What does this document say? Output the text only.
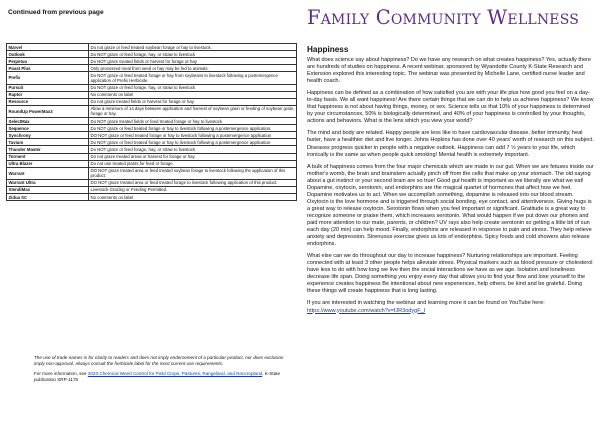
Continued from previous page
Marvel	Do not graze or feed treated soybean forage or hay to livestock.
Outlook	Do NOT graze or feed forage, hay, or straw to livestock
Perpetuo	Do NOT graze treated fields or harvest for forage or hay
Poast Plus	Only processed meal from seed or hay may be fed to animals.
Prefix	Do NOT graze or feed treated forage or hay from soybeans to livestock following a postemergence application of Prefix Herbicide.
Pursuit	Do NOT graze or feed forage, hay, or straw to livestock
Raptor	No comments on label
Resource	Do not graze treated fields or harvest for forage or hay.
RoundUp PowerMax3	Allow a minimum of 14 days between application and harvest of soybean grain or feeding of soybean grain, forage or hay.
SelectMax	Do NOT graze treated fields or feed treated forage or hay to livestock
Sequence	Do NOT graze or feed treated forage or hay to livestock following a postemergence application.
Synchrony	DO NOT graze or feed treated forage or hay to livestock following a postemergence application
Tavium	Do NOT graze or feed treated forage or hay to livestock following a postemergence application
Thunder Master	Do NOT graze or feed forage, hay, or straw to livestock
Torment	Do not graze treated areas or harvest for forage or hay.
Ultra Blazer	Do not use treated plants for feed or forage.
Warrant	DO NOT graze treated area or feed treated soybean forage to livestock following the application of this product.
Warrant Ultra	DO NOT graze treated area or feed treated forage to livestock following application of this product.
XtendiMax	Livestock Grazing or Feeding Permitted.
Zidua SC	No comments on label
The use of trade names is for clarity to readers and does not imply endorsement of a particular product, nor does exclusion imply non-approval. Always consult the herbicide label for the most current use requirements.
For more information, see 2023 Chemical Weed Control for Field Crops, Pastures, Rangeland, and Noncropland, K-State publication SRP-1176
Family Community Wellness
Happiness
What does science say about happiness? Do we have any research on what creates happiness? Yes, actually there are hundreds of studies on happiness. A recent webinar, sponsored by Wyandotte County K-State Research and Extension explored this interesting topic. The webinar was presented by Michelle Lane, certified nurse leader and health coach.
Happiness can be defined as a combination of how satisfied you are with your life plus how good you feel on a day-to-day basis. We all want happiness! Are there certain things that we can do to help us achieve happiness? We know that happiness is not about having things, money, or sex. Science tells us that 10% of your happiness is determined by your circumstances, 50% is biologically determined, and 40% of your happiness is controlled by your thoughts, actions and behaviors. What is the lens which you view your world?
The mind and body are related. Happy people are less like to have cardiovascular disease, better immunity, heal faster, have a healthier diet and live longer. Johns Hopkins has done over 40 years' worth of research on this subject. Diseases progress quicker in people with a negative outlook. Happiness can add 7 ½ years to your life, which ironically is the same as when people quick smoking! Mental health is extremely important.
A bulk of happiness comes from the four major chemicals which are made in our gut. When we are fetuses inside our mother's womb, the brain and brainstem actually pinch off from the cells that make up your stomach. The old saying about a gut instinct or your second brain are so true! Good gut health is important as we literally are what we eat! Dopamine, oxytocin, serotonin, and endorphins are the magical quartet of hormones that affect how we feel. Dopamine motivates us to act. When we accomplish something, dopamine is released into our blood stream. Oxytocin is the love hormone and is triggered through social bonding, eye contact, and attentiveness. Giving hugs is a great way to release oxytocin. Serotonin flows when you feel important or significant. Gratitude is a great way to recognize someone or praise them, which increases serotonin. What would happen if we put down our phones and paid more attention to our mate, parents, or children? UV rays also help create serotonin so getting a little bit of sun each day (20 min) can help mood. Finally, endorphins are released in response to pain and stress. They help relieve anxiety and depression. Strenuous exercise gives us lots of endorphins. Spicy foods and cold showers also release endorphins.
What else can we do throughout our day to increase happiness? Nurturing relationships are important. Feeling connected with at least 3 other people helps alleviate stress. Physical markers such as blood pressure or cholesterol have less to do with how long we live then the social interactions we have as we age. Isolation and loneliness decrease life span. Doing something you enjoy every day that allows you to find your flow and lose yourself to the experience creates happiness Be intentional about new experiences, help others, be kind and be grateful. Doing these things will create happiness that is long lasting.
If you are interested in watching the webinar and learning more it can be found on YouTube here:  https://www.youtube.com/watch?v=fJR3odygF_I
